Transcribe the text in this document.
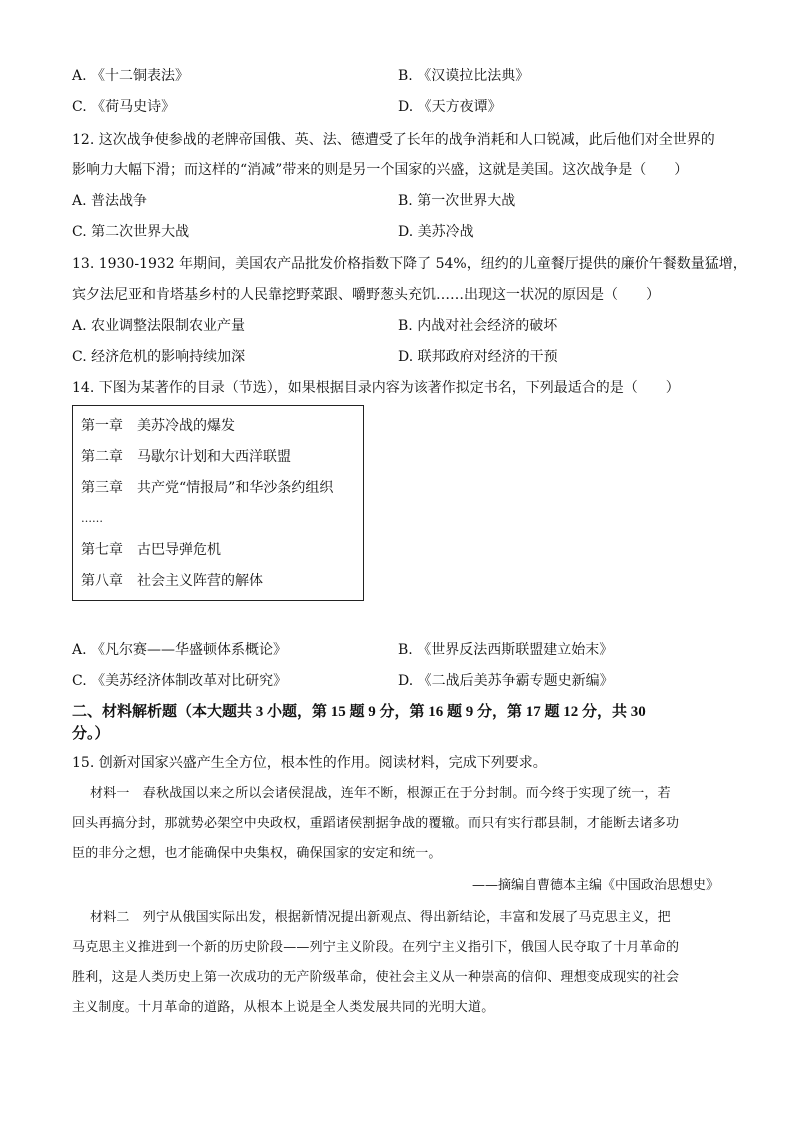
A. 《十二铜表法》	B. 《汉谟拉比法典》
C. 《荷马史诗》	D. 《天方夜谭》
12. 这次战争使参战的老牌帝国俄、英、法、德遭受了长年的战争消耗和人口锐减，此后他们对全世界的
影响力大幅下滑；而这样的“消减”带来的则是另一个国家的兴盛，这就是美国。这次战争是（　　）
A. 普法战争	B. 第一次世界大战
C. 第二次世界大战	D. 美苏冷战
13. 1930-1932 年期间，美国农产品批发价格指数下降了 54%，纽约的儿童餐厅提供的廉价午餐数量猛增，
宾夕法尼亚和肯塔基乡村的人民靠挖野菜跟、嚼野葱头充饥……出现这一状况的原因是（　　）
A. 农业调整法限制农业产量	B. 内战对社会经济的破坏
C. 经济危机的影响持续加深	D. 联邦政府对经济的干预
14. 下图为某著作的目录（节选），如果根据目录内容为该著作拟定书名，下列最适合的是（　　）
第一章　美苏冷战的爆发
第二章　马歇尔计划和大西洋联盟
第三章　共产党“情报局”和华沙条约组织
……
第七章　古巴导弹危机
第八章　社会主义阵营的解体
A. 《凡尔赛——华盛顿体系概论》	B. 《世界反法西斯联盟建立始末》
C. 《美苏经济体制改革对比研究》	D. 《二战后美苏争霸专题史新编》
二、材料解析题（本大题共 3 小题，第 15 题 9 分，第 16 题 9 分，第 17 题 12 分，共 30
分。）
15. 创新对国家兴盛产生全方位，根本性的作用。阅读材料，完成下列要求。
材料一　春秋战国以来之所以会诸侯混战，连年不断，根源正在于分封制。而今终于实现了统一，若
回头再搞分封，那就势必架空中央政权，重蹈诸侯割据争战的覆辙。而只有实行郡县制，才能断去诸多功
臣的非分之想，也才能确保中央集权，确保国家的安定和统一。
——摘编自曹德本主编《中国政治思想史》
材料二　列宁从俄国实际出发，根据新情况提出新观点、得出新结论，丰富和发展了马克思主义，把
马克思主义推进到一个新的历史阶段——列宁主义阶段。在列宁主义指引下，俄国人民夺取了十月革命的
胜利，这是人类历史上第一次成功的无产阶级革命，使社会主义从一种崇高的信仰、理想变成现实的社会
主义制度。十月革命的道路，从根本上说是全人类发展共同的光明大道。
